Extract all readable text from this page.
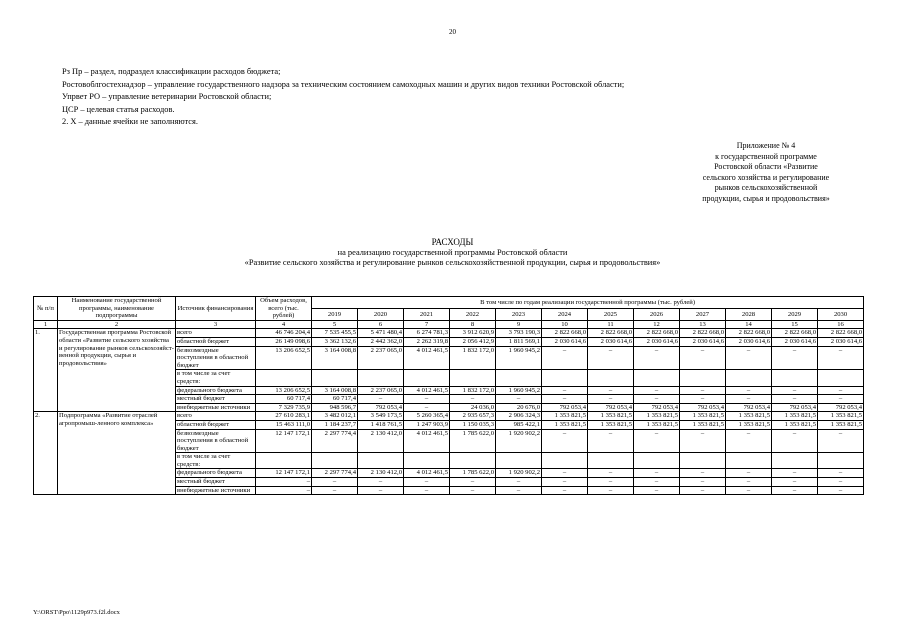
20
Рз Пр – раздел, подраздел классификации расходов бюджета;
Ростовоблгостехнадзор – управление государственного надзора за техническим состоянием самоходных машин и других видов техники Ростовской области;
Упрвет РО – управление ветеринарии Ростовской области;
ЦСР – целевая статья расходов.
2. Х – данные ячейки не заполняются.
Приложение № 4
к государственной программе
Ростовской области «Развитие
сельского хозяйства и регулирование
рынков сельскохозяйственной
продукции, сырья и продовольствия»
РАСХОДЫ
на реализацию государственной программы Ростовской области
«Развитие сельского хозяйства и регулирование рынков сельскохозяйственной продукции, сырья и продовольствия»
№ п/п	Наименование государственной программы, наименование подпрограммы	Источник финансирования	Объем расходов, всего (тыс. рублей)	В том числе по годам реализации государственной программы (тыс. рублей)											
				2019	2020	2021	2022	2023	2024	2025	2026	2027	2028	2029	2030
1	2	3	4	5	6	7	8	9	10	11	12	13	14	15	16
1.	Государственная программа Ростовской области «Развитие сельского хозяйства и регулирование рынков сельскохозяйст-венной продукции, сырья и продовольствия»	всего	46 746 204,4	7 535 455,5	5 471 480,4	6 274 781,3	3 912 620,9	3 793 190,3	2 822 668,0	2 822 668,0	2 822 668,0	2 822 668,0	2 822 668,0	2 822 668,0	2 822 668,0
		областной бюджет	26 149 098,6	3 362 132,6	2 442 362,0	2 262 319,8	2 056 412,9	1 811 569,1	2 030 614,6	2 030 614,6	2 030 614,6	2 030 614,6	2 030 614,6	2 030 614,6	2 030 614,6
		безвозмездные поступления в областной бюджет	13 206 652,5	3 164 008,8	2 237 065,0	4 012 461,5	1 832 172,0	1 960 945,2	–	–	–	–	–	–	–
		в том числе за счет средств:													
		федерального бюджета	13 206 652,5	3 164 008,8	2 237 065,0	4 012 461,5	1 832 172,0	1 960 945,2	–	–	–	–	–	–	–
		местный бюджет	60 717,4	60 717,4	–	–	–	–	–	–	–	–	–	–	–
		внебюджетные источники	7 329 735,9	948 596,7	792 053,4	–	24 036,0	20 676,0	792 053,4	792 053,4	792 053,4	792 053,4	792 053,4	792 053,4	792 053,4
2.	Подпрограмма «Развитие отраслей агропромыш-ленного комплекса»	всего	27 610 283,1	3 482 012,1	3 549 173,5	5 260 365,4	2 935 657,3	2 906 324,3	1 353 821,5	1 353 821,5	1 353 821,5	1 353 821,5	1 353 821,5	1 353 821,5	1 353 821,5
		областной бюджет	15 463 111,0	1 184 237,7	1 418 761,5	1 247 903,9	1 150 035,3	985 422,1	1 353 821,5	1 353 821,5	1 353 821,5	1 353 821,5	1 353 821,5	1 353 821,5	1 353 821,5
		безвозмездные поступления в областной бюджет	12 147 172,1	2 297 774,4	2 130 412,0	4 012 461,5	1 785 622,0	1 920 902,2	–	–	–	–	–	–	–
		в том числе за счет средств:													
		федерального бюджета	12 147 172,1	2 297 774,4	2 130 412,0	4 012 461,5	1 785 622,0	1 920 902,2	–	–	–	–	–	–	–
		местный бюджет	–	–	–	–	–	–	–	–	–	–	–	–	–
		внебюджетные источники	–	–	–	–	–	–	–	–	–	–	–	–	–
Y:\ORST\Ppo\1129p973.f2l.docx
